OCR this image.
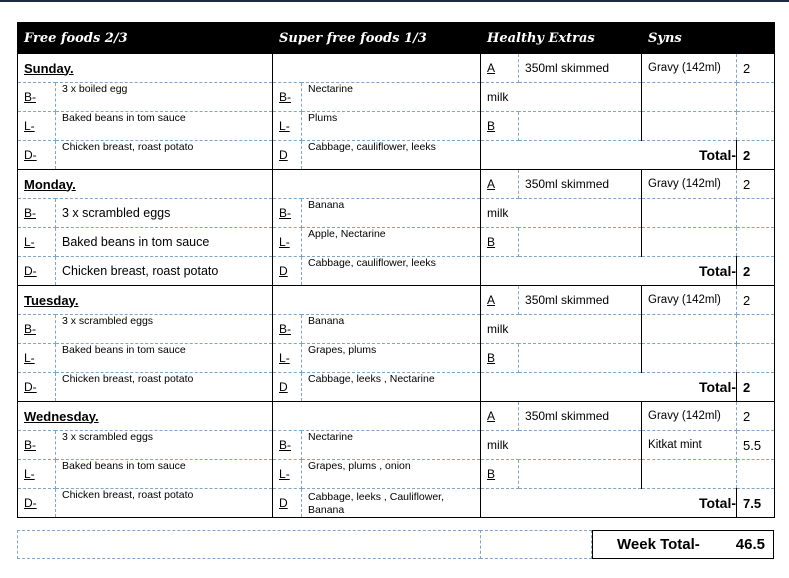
Free foods 2/3		Super free foods 1/3		Healthy Extras		Syns	
Sunday.				A	350ml skimmed	Gravy (142ml)	2
B-	3 x boiled egg	B-	Nectarine	milk			
L-	Baked beans in tom sauce	L-	Plums	B			
D-	Chicken breast, roast potato	D	Cabbage, cauliflower, leeks	Total-			2
Monday.				A	350ml skimmed	Gravy (142ml)	2
B-	3 x scrambled eggs	B-	Banana	milk			
L-	Baked beans in tom sauce	L-	Apple, Nectarine	B			
D-	Chicken breast, roast potato	D	Cabbage, cauliflower, leeks	Total-			2
Tuesday.				A	350ml skimmed	Gravy (142ml)	2
B-	3 x scrambled eggs	B-	Banana	milk			
L-	Baked beans in tom sauce	L-	Grapes, plums	B			
D-	Chicken breast, roast potato	D	Cabbage, leeks , Nectarine	Total-			2
Wednesday.				A	350ml skimmed	Gravy (142ml)	2
B-	3 x scrambled eggs	B-	Nectarine	milk		Kitkat mint	5.5
L-	Baked beans in tom sauce	L-	Grapes, plums , onion	B			
D-	Chicken breast, roast potato	D	Cabbage, leeks , Cauliflower, Banana	Total-			7.5
Week Total- 46.5
